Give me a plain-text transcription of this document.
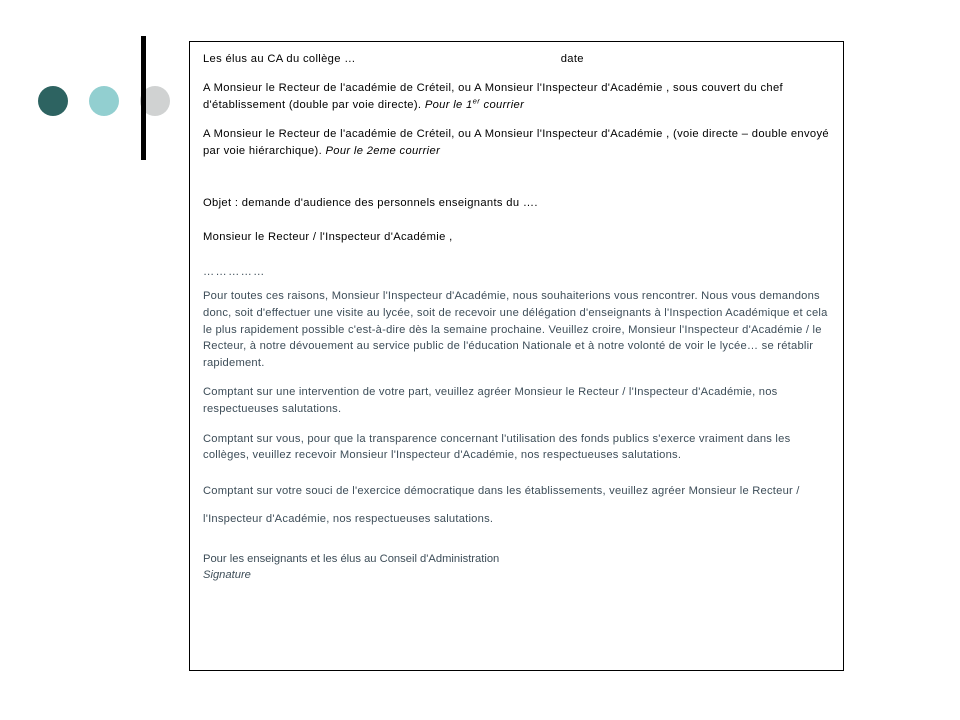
Les élus au CA du collège …	date

A Monsieur le Recteur de l'académie de Créteil, ou A Monsieur l'Inspecteur d'Académie , sous couvert du chef d'établissement (double par voie directe). Pour le 1er courrier

A Monsieur le Recteur de l'académie de Créteil, ou A Monsieur l'Inspecteur d'Académie , (voie directe – double envoyé par voie hiérarchique). Pour le 2eme courrier

Objet : demande d'audience des personnels enseignants du ….

Monsieur le Recteur / l'Inspecteur d'Académie ,

……………

Pour toutes ces raisons, Monsieur l'Inspecteur d'Académie, nous souhaiterions vous rencontrer. Nous vous demandons donc, soit d'effectuer une visite au lycée, soit de recevoir une délégation d'enseignants à l'Inspection Académique et cela le plus rapidement possible c'est-à-dire dès la semaine prochaine. Veuillez croire, Monsieur l'Inspecteur d'Académie / le Recteur, à notre dévouement au service public de l'éducation Nationale et à notre volonté de voir le lycée… se rétablir rapidement.

Comptant sur une intervention de votre part, veuillez agréer Monsieur le Recteur / l'Inspecteur d'Académie, nos respectueuses salutations.

Comptant sur vous, pour que la transparence concernant l'utilisation des fonds publics s'exerce vraiment dans les collèges, veuillez recevoir Monsieur l'Inspecteur d'Académie, nos respectueuses salutations.

Comptant sur votre souci de l'exercice démocratique dans les établissements, veuillez agréer Monsieur le Recteur / l'Inspecteur d'Académie, nos respectueuses salutations.

Pour les enseignants et les élus au Conseil d'Administration

Signature
